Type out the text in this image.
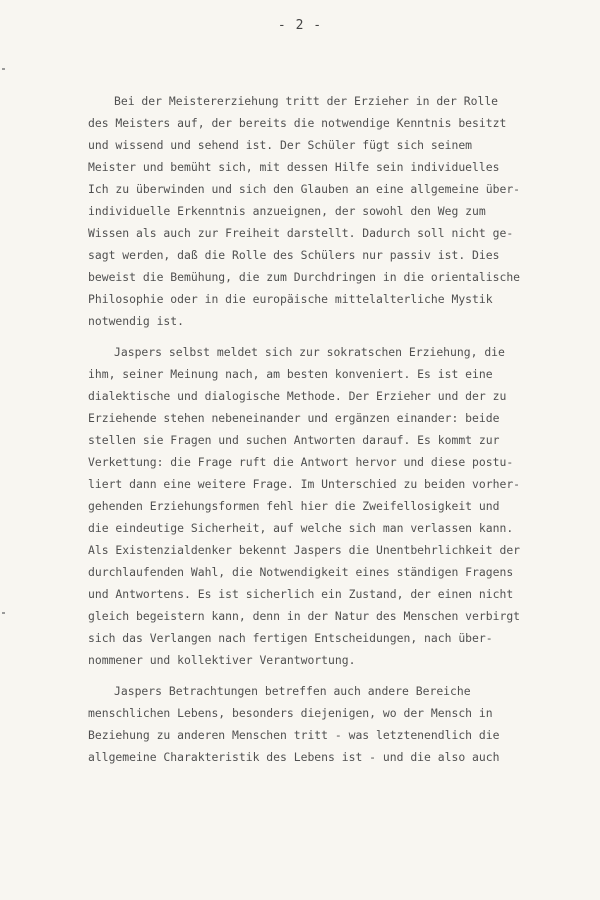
- 2 -
Bei der Meistererziehung tritt der Erzieher in der Rolle
des Meisters auf, der bereits die notwendige Kenntnis besitzt
und wissend und sehend ist. Der Schüler fügt sich seinem
Meister und bemüht sich, mit dessen Hilfe sein individuelles
Ich zu überwinden und sich den Glauben an eine allgemeine über-
individuelle Erkenntnis anzueignen, der sowohl den Weg zum
Wissen als auch zur Freiheit darstellt. Dadurch soll nicht ge-
sagt werden, daß die Rolle des Schülers nur passiv ist. Dies
beweist die Bemühung, die zum Durchdringen in die orientalische
Philosophie oder in die europäische mittelalterliche Mystik
notwendig ist.
Jaspers selbst meldet sich zur sokratschen Erziehung, die
ihm, seiner Meinung nach, am besten konveniert. Es ist eine
dialektische und dialogische Methode. Der Erzieher und der zu
Erziehende stehen nebeneinander und ergänzen einander: beide
stellen sie Fragen und suchen Antworten darauf. Es kommt zur
Verkettung: die Frage ruft die Antwort hervor und diese postu-
liert dann eine weitere Frage. Im Unterschied zu beiden vorher-
gehenden Erziehungsformen fehl hier die Zweifellosigkeit und
die eindeutige Sicherheit, auf welche sich man verlassen kann.
Als Existenzialdenker bekennt Jaspers die Unentbehrlichkeit der
durchlaufenden Wahl, die Notwendigkeit eines ständigen Fragens
und Antwortens. Es ist sicherlich ein Zustand, der einen nicht
gleich begeistern kann, denn in der Natur des Menschen verbirgt
sich das Verlangen nach fertigen Entscheidungen, nach über-
nommener und kollektiver Verantwortung.
Jaspers Betrachtungen betreffen auch andere Bereiche
menschlichen Lebens, besonders diejenigen, wo der Mensch in
Beziehung zu anderen Menschen tritt - was letztenendlich die
allgemeine Charakteristik des Lebens ist - und die also auch
